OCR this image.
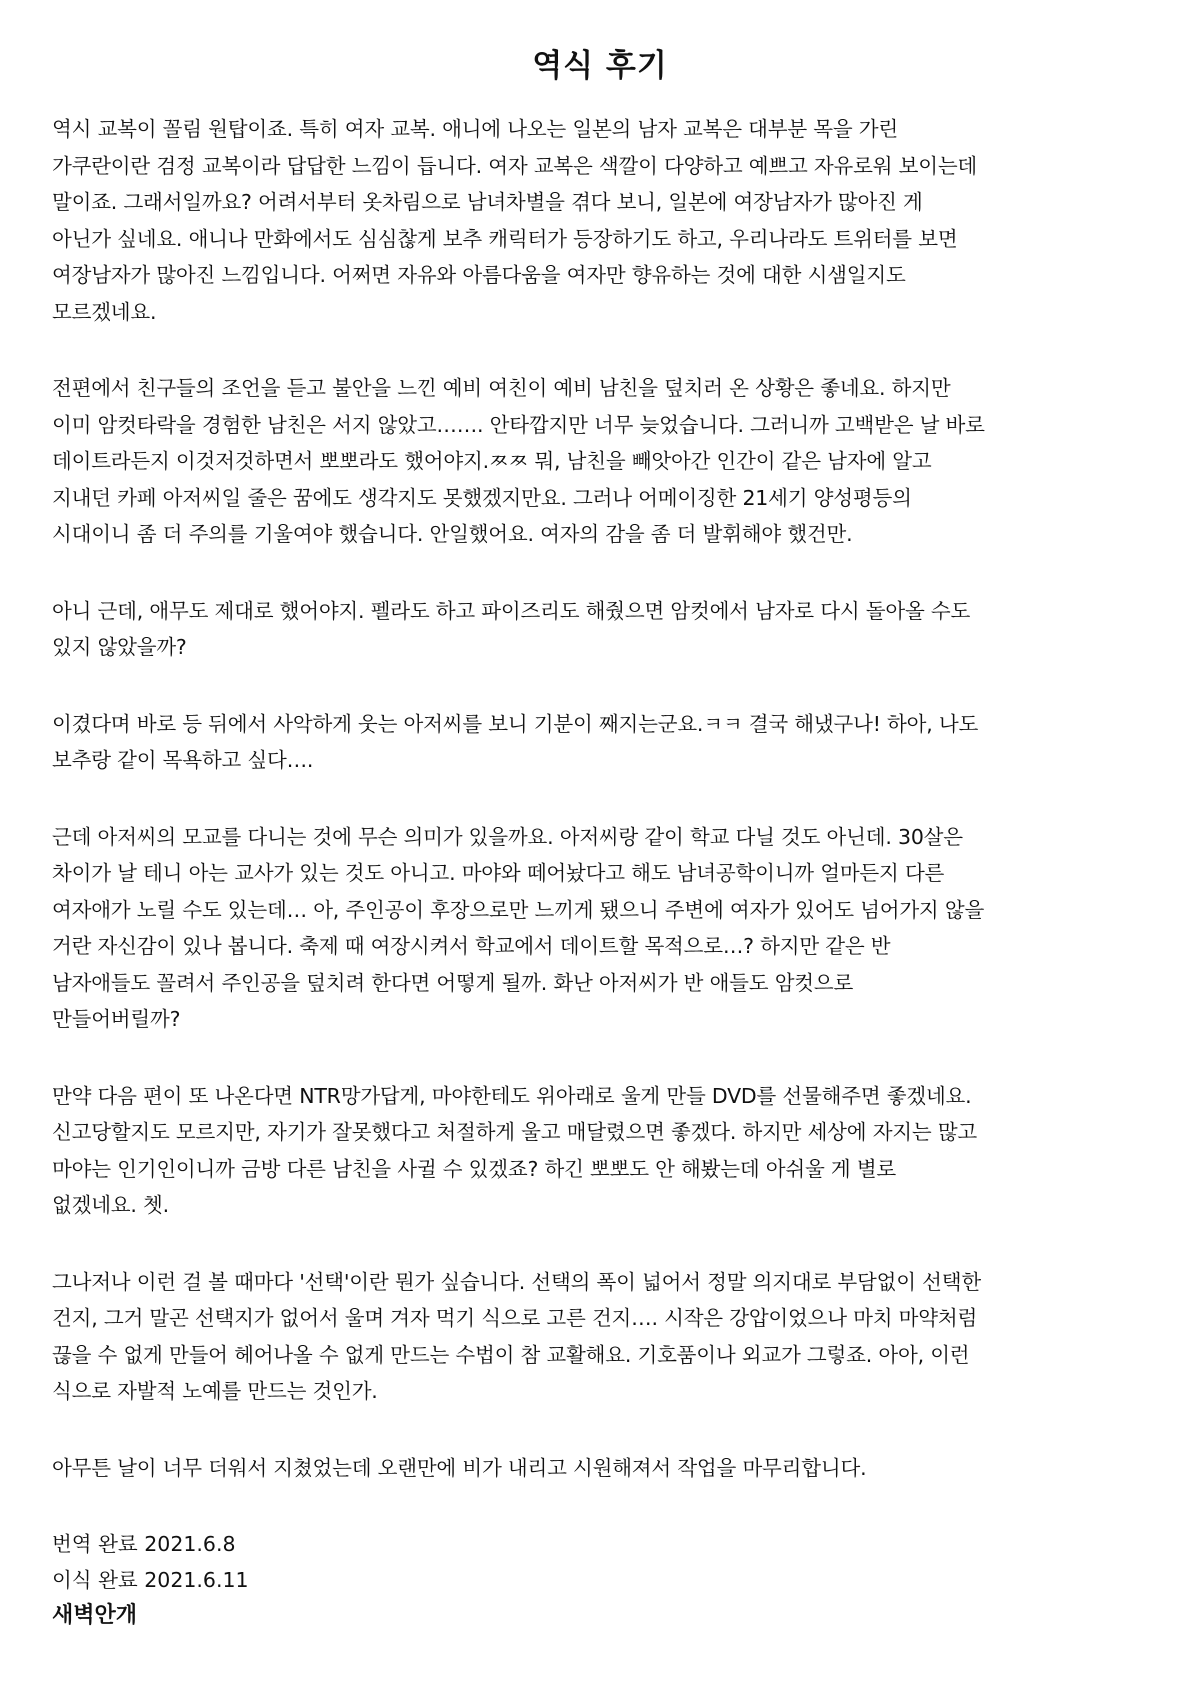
역식 후기

역시 교복이 꼴림 원탑이죠. 특히 여자 교복. 애니에 나오는 일본의 남자 교복은 대부분 목을 가린
가쿠란이란 검정 교복이라 답답한 느낌이 듭니다. 여자 교복은 색깔이 다양하고 예쁘고 자유로워 보이는데
말이죠. 그래서일까요? 어려서부터 옷차림으로 남녀차별을 겪다 보니, 일본에 여장남자가 많아진 게
아닌가 싶네요. 애니나 만화에서도 심심찮게 보추 캐릭터가 등장하기도 하고, 우리나라도 트위터를 보면
여장남자가 많아진 느낌입니다. 어쩌면 자유와 아름다움을 여자만 향유하는 것에 대한 시샘일지도
모르겠네요.

전편에서 친구들의 조언을 듣고 불안을 느낀 예비 여친이 예비 남친을 덮치러 온 상황은 좋네요. 하지만
이미 암컷타락을 경험한 남친은 서지 않았고……. 안타깝지만 너무 늦었습니다. 그러니까 고백받은 날 바로
데이트라든지 이것저것하면서 뽀뽀라도 했어야지.ㅉㅉ 뭐, 남친을 빼앗아간 인간이 같은 남자에 알고
지내던 카페 아저씨일 줄은 꿈에도 생각지도 못했겠지만요. 그러나 어메이징한 21세기 양성평등의
시대이니 좀 더 주의를 기울여야 했습니다. 안일했어요. 여자의 감을 좀 더 발휘해야 했건만.

아니 근데, 애무도 제대로 했어야지. 펠라도 하고 파이즈리도 해줬으면 암컷에서 남자로 다시 돌아올 수도
있지 않았을까?

이겼다며 바로 등 뒤에서 사악하게 웃는 아저씨를 보니 기분이 째지는군요.ㅋㅋ 결국 해냈구나! 하아, 나도
보추랑 같이 목욕하고 싶다….

근데 아저씨의 모교를 다니는 것에 무슨 의미가 있을까요. 아저씨랑 같이 학교 다닐 것도 아닌데. 30살은
차이가 날 테니 아는 교사가 있는 것도 아니고. 마야와 떼어놨다고 해도 남녀공학이니까 얼마든지 다른
여자애가 노릴 수도 있는데… 아, 주인공이 후장으로만 느끼게 됐으니 주변에 여자가 있어도 넘어가지 않을
거란 자신감이 있나 봅니다. 축제 때 여장시켜서 학교에서 데이트할 목적으로…? 하지만 같은 반
남자애들도 꼴려서 주인공을 덮치려 한다면 어떻게 될까. 화난 아저씨가 반 애들도 암컷으로
만들어버릴까?

만약 다음 편이 또 나온다면 NTR망가답게, 마야한테도 위아래로 울게 만들 DVD를 선물해주면 좋겠네요.
신고당할지도 모르지만, 자기가 잘못했다고 처절하게 울고 매달렸으면 좋겠다. 하지만 세상에 자지는 많고
마야는 인기인이니까 금방 다른 남친을 사귈 수 있겠죠? 하긴 뽀뽀도 안 해봤는데 아쉬울 게 별로
없겠네요. 쳇.

그나저나 이런 걸 볼 때마다 '선택'이란 뭔가 싶습니다. 선택의 폭이 넓어서 정말 의지대로 부담없이 선택한
건지, 그거 말곤 선택지가 없어서 울며 겨자 먹기 식으로 고른 건지…. 시작은 강압이었으나 마치 마약처럼
끊을 수 없게 만들어 헤어나올 수 없게 만드는 수법이 참 교활해요. 기호품이나 외교가 그렇죠. 아아, 이런
식으로 자발적 노예를 만드는 것인가.

아무튼 날이 너무 더워서 지쳤었는데 오랜만에 비가 내리고 시원해져서 작업을 마무리합니다.

번역 완료 2021.6.8
이식 완료 2021.6.11
새벽안개
